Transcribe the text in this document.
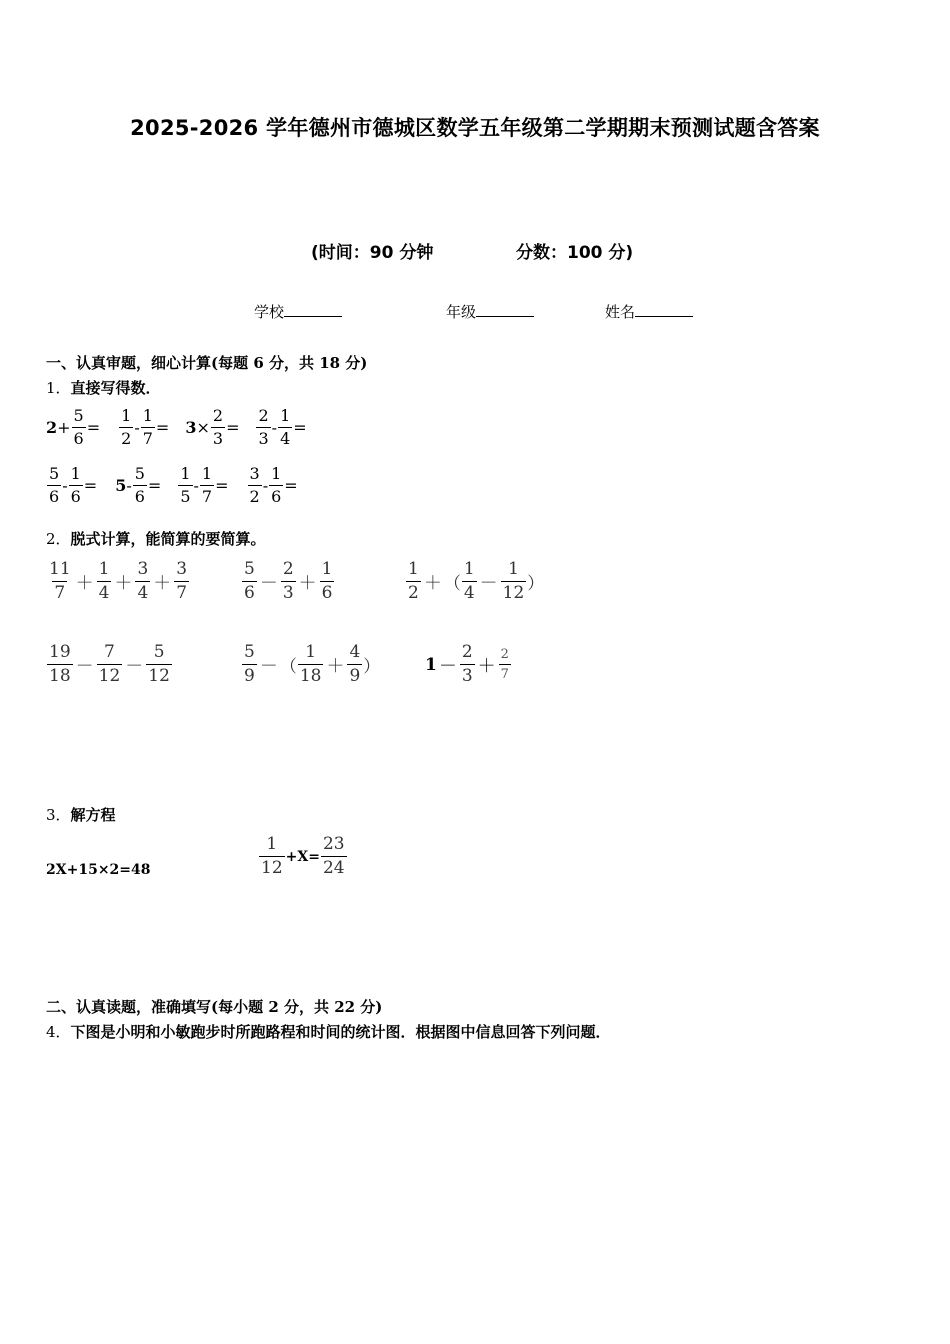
2025-2026 学年德州市德城区数学五年级第二学期期末预测试题含答案
(时间：90 分钟	分数：100 分)
学校	年级	姓名
一、认真审题，细心计算(每题 6 分，共 18 分)
1．直接写得数．
$2 + \frac{5}{6} = \frac{1}{2} - \frac{1}{7} = 3 \times \frac{2}{3} = \frac{2}{3} - \frac{1}{4}$ =
$\frac{5}{6} - \frac{1}{6} = 5 - \frac{5}{6} = \frac{1}{5} - \frac{1}{7} = \frac{3}{2} - \frac{1}{6}$ =
2．脱式计算，能简算的要简算。
$\frac{11}{7} + \frac{1}{4} + \frac{3}{4} + \frac{3}{7}$	$\frac{5}{6} - \frac{2}{3} + \frac{1}{6}$	$\frac{1}{2}$ ＋ （ $\frac{1}{4} - \frac{1}{12}$ ）
$\frac{19}{18} - \frac{7}{12} - \frac{5}{12}$	$\frac{5}{9}$ － （ $\frac{1}{18} + \frac{4}{9}$ ）	$1 - \frac{2}{3} + \frac{2}{7}$
3．解方程
2X+15×2=48	$\frac{1}{12} +X= \frac{23}{24}$
二、认真读题，准确填写(每小题 2 分，共 22 分)
4．下图是小明和小敏跑步时所跑路程和时间的统计图．根据图中信息回答下列问题．
